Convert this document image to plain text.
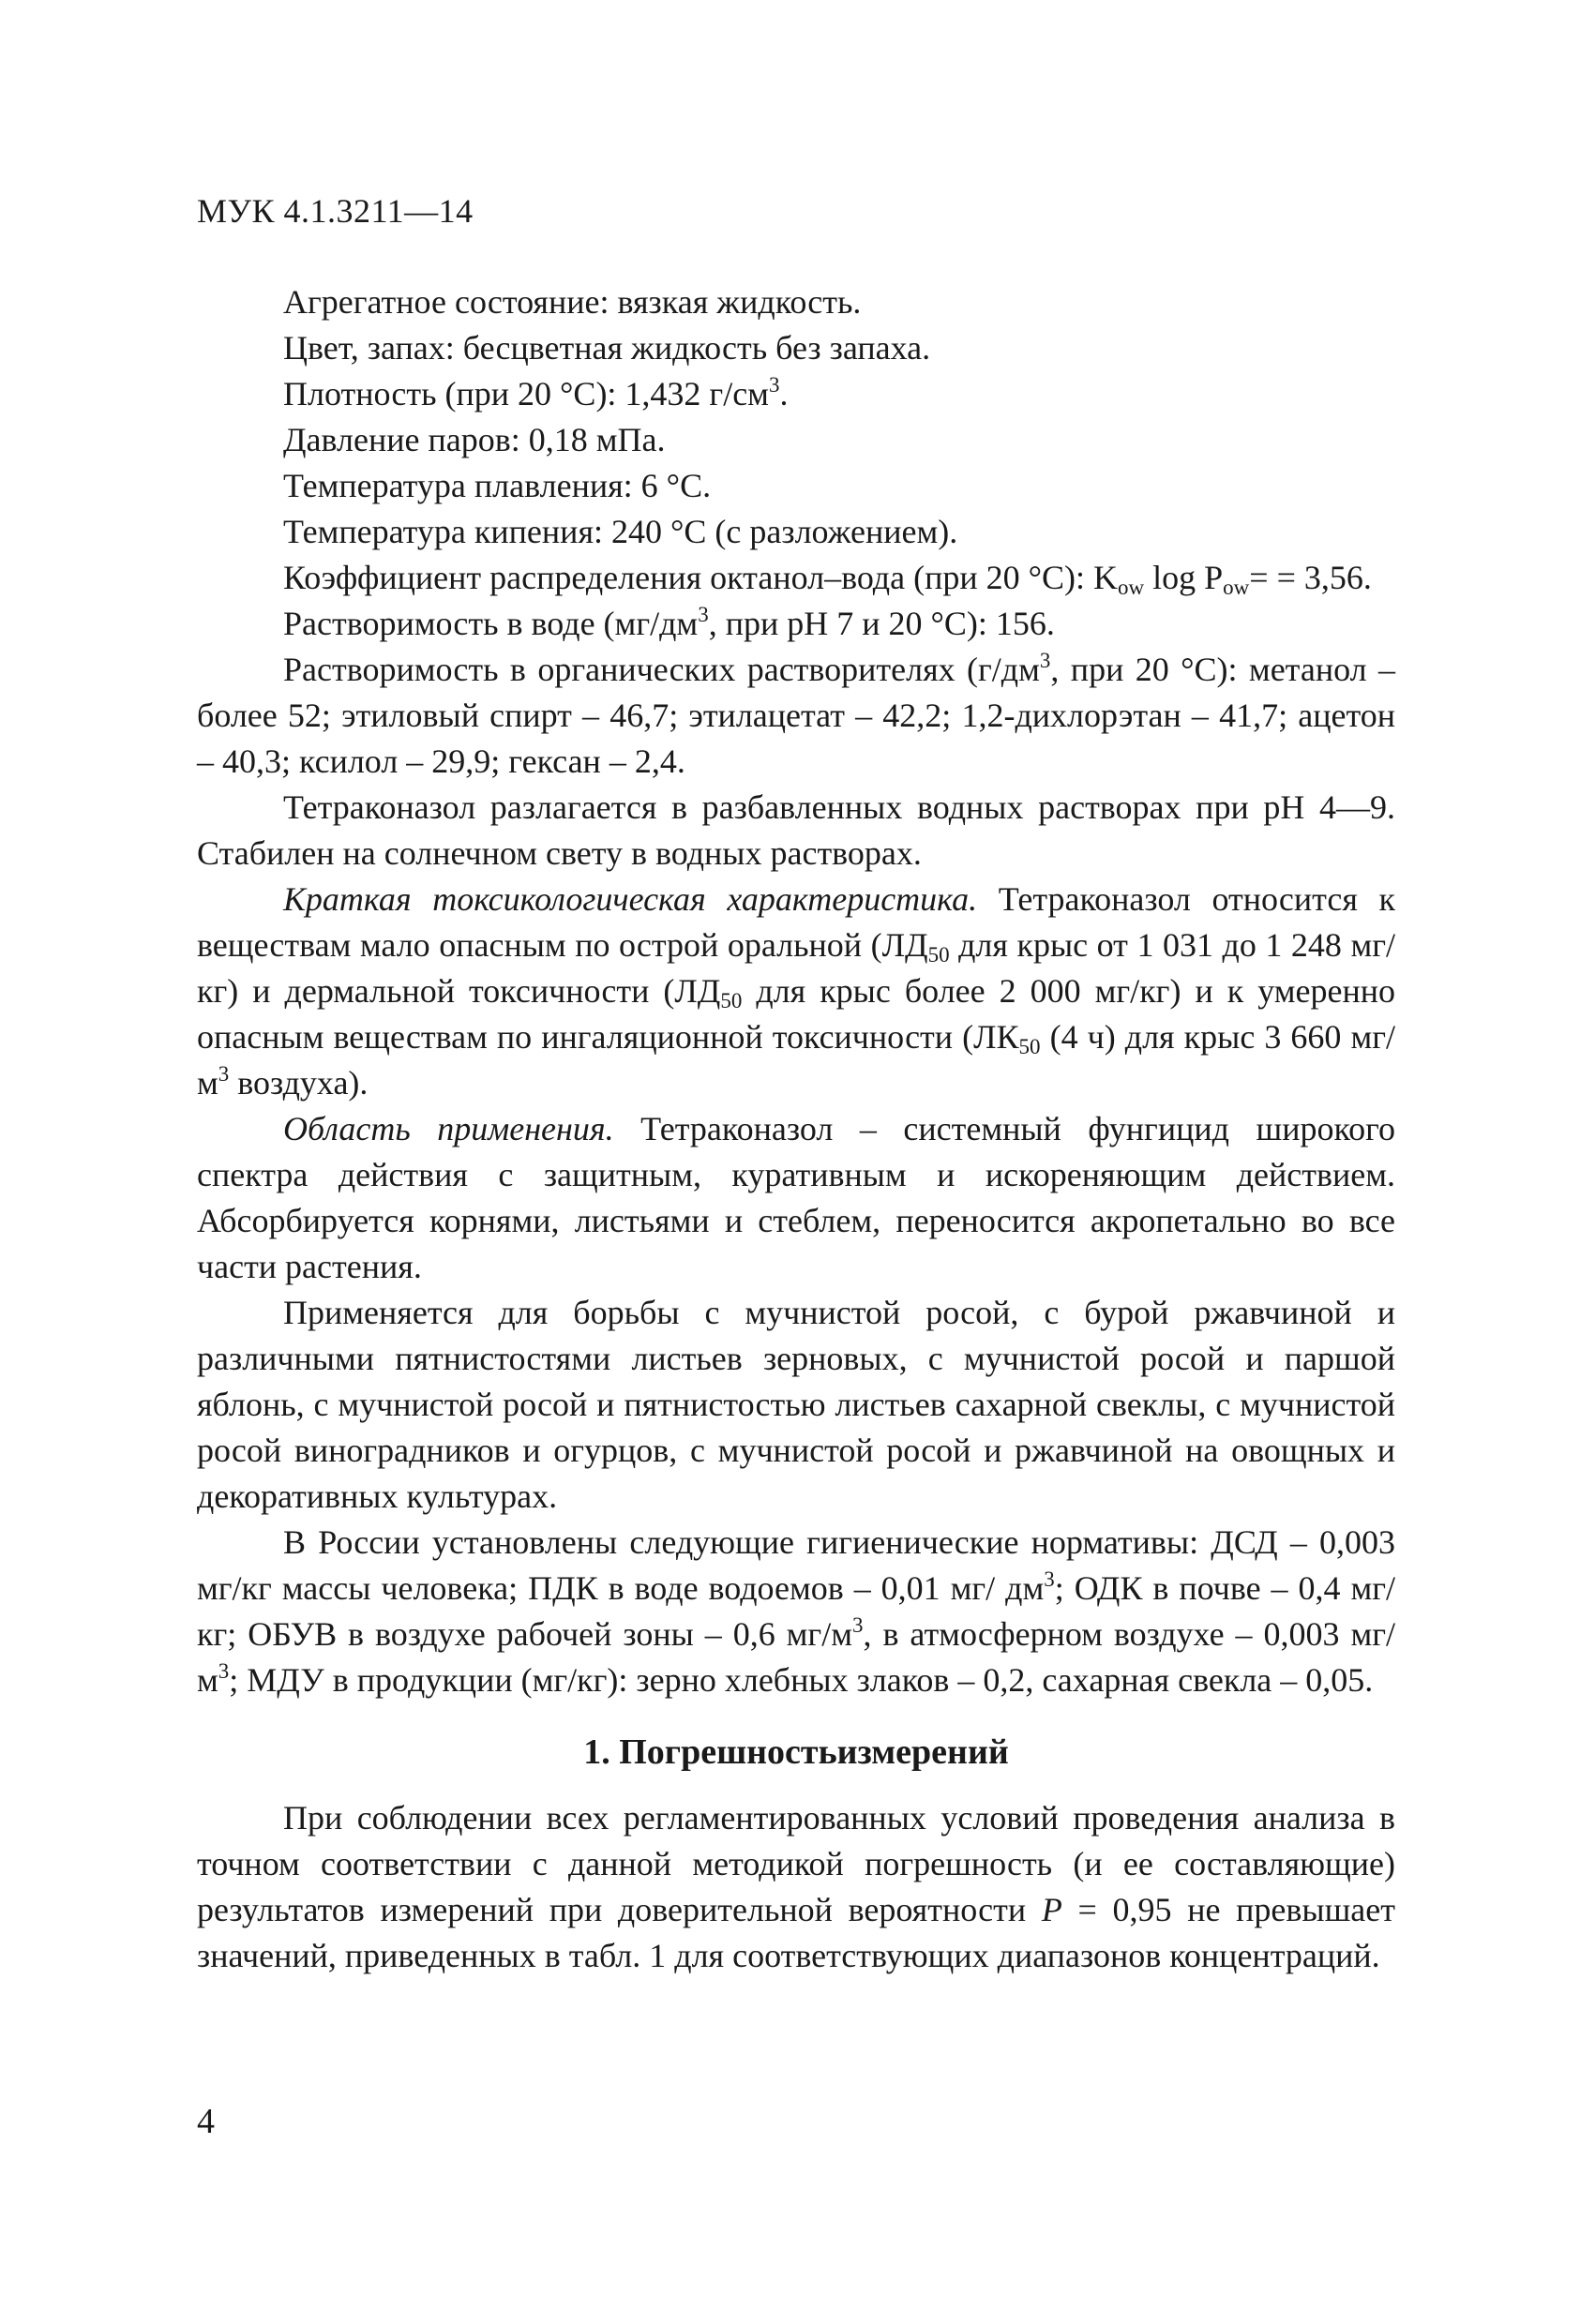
МУК 4.1.3211—14

Агрегатное состояние: вязкая жидкость.

Цвет, запах: бесцветная жидкость без запаха.

Плотность (при 20 °C): 1,432 $г/см^3$.

Давление паров: 0,18 мПа.

Температура плавления: 6 °C.

Температура кипения: 240 °C (с разложением).

Коэффициент распределения октанол–вода (при 20 °C): $K_{ow}$ $\log P_{ow}= = 3,56$.

Растворимость в воде ($мг/дм^3$, при pH 7 и 20 °C): 156.

Растворимость в органических растворителях ($г/дм^3$, при 20 °C): метанол – более 52; этиловый спирт – 46,7; этилацетат – 42,2; 1,2-дихлорэтан – 41,7; ацетон – 40,3; ксилол – 29,9; гексан – 2,4.

Тетраконазол разлагается в разбавленных водных растворах при pH 4—9. Стабилен на солнечном свету в водных растворах.

Краткая токсикологическая характеристика. Тетраконазол относится к веществам мало опасным по острой оральной ($ЛД_{50}$ для крыс от 1 031 до 1 248 мг/кг) и дермальной токсичности ($ЛД_{50}$ для крыс более 2 000 мг/кг) и к умеренно опасным веществам по ингаляционной токсичности ($ЛК_{50}$ (4 ч) для крыс 3 660 $мг/м^3$ воздуха).

Область применения. Тетраконазол – системный фунгицид широкого спектра действия с защитным, куративным и искореняющим действием. Абсорбируется корнями, листьями и стеблем, переносится акропетально во все части растения.

Применяется для борьбы с мучнистой росой, с бурой ржавчиной и различными пятнистостями листьев зерновых, с мучнистой росой и паршой яблонь, с мучнистой росой и пятнистостью листьев сахарной свеклы, с мучнистой росой виноградников и огурцов, с мучнистой росой и ржавчиной на овощных и декоративных культурах.

В России установлены следующие гигиенические нормативы: ДСД – 0,003 мг/кг массы человека; ПДК в воде водоемов – 0,01 мг/ $дм^3$; ОДК в почве – 0,4 мг/кг; ОБУВ в воздухе рабочей зоны – 0,6 $мг/м^3$, в атмосферном воздухе – 0,003 $мг/м^3$; МДУ в продукции (мг/кг): зерно хлебных злаков – 0,2, сахарная свекла – 0,05.

1. Погрешностьизмерений

При соблюдении всех регламентированных условий проведения анализа в точном соответствии с данной методикой погрешность (и ее составляющие) результатов измерений при доверительной вероятности P = 0,95 не превышает значений, приведенных в табл. 1 для соответствующих диапазонов концентраций.

4
